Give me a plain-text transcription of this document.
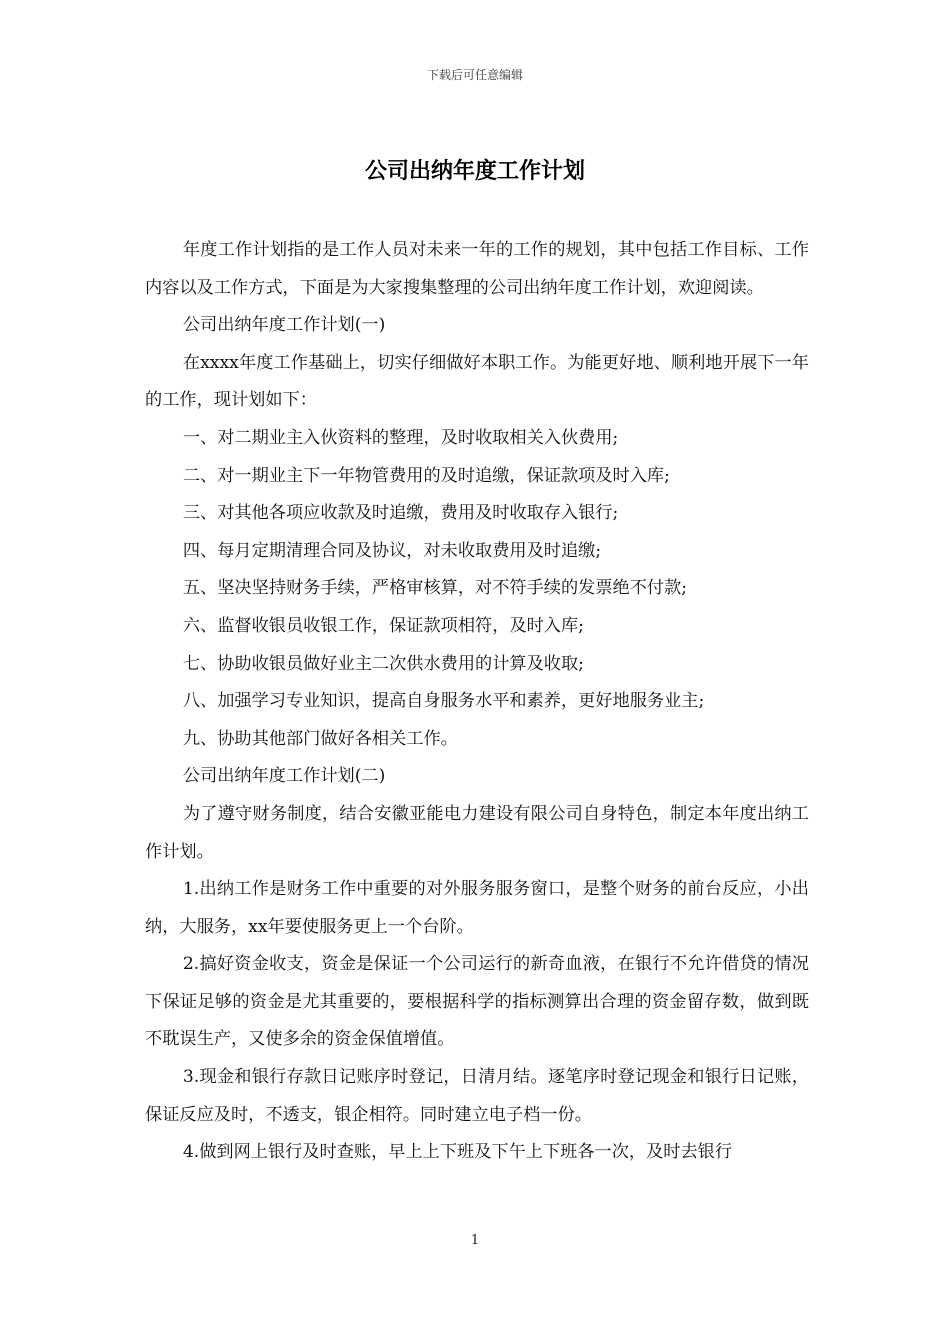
下载后可任意编辑
公司出纳年度工作计划

年度工作计划指的是工作人员对未来一年的工作的规划，其中包括工作目标、工作内容以及工作方式，下面是为大家搜集整理的公司出纳年度工作计划，欢迎阅读。

公司出纳年度工作计划(一)

在xxxx年度工作基础上，切实仔细做好本职工作。为能更好地、顺利地开展下一年的工作，现计划如下：

一、对二期业主入伙资料的整理，及时收取相关入伙费用;

二、对一期业主下一年物管费用的及时追缴，保证款项及时入库;

三、对其他各项应收款及时追缴，费用及时收取存入银行;

四、每月定期清理合同及协议，对未收取费用及时追缴;

五、坚决坚持财务手续，严格审核算，对不符手续的发票绝不付款;

六、监督收银员收银工作，保证款项相符，及时入库;

七、协助收银员做好业主二次供水费用的计算及收取;

八、加强学习专业知识，提高自身服务水平和素养，更好地服务业主;

九、协助其他部门做好各相关工作。

公司出纳年度工作计划(二)

为了遵守财务制度，结合安徽亚能电力建设有限公司自身特色，制定本年度出纳工作计划。

1.出纳工作是财务工作中重要的对外服务服务窗口，是整个财务的前台反应，小出纳，大服务，xx年要使服务更上一个台阶。

2.搞好资金收支，资金是保证一个公司运行的新奇血液，在银行不允许借贷的情况下保证足够的资金是尤其重要的，要根据科学的指标测算出合理的资金留存数，做到既不耽误生产，又使多余的资金保值增值。

3.现金和银行存款日记账序时登记，日清月结。逐笔序时登记现金和银行日记账，保证反应及时，不透支，银企相符。同时建立电子档一份。

4.做到网上银行及时查账，早上上下班及下午上下班各一次，及时去银行

1
